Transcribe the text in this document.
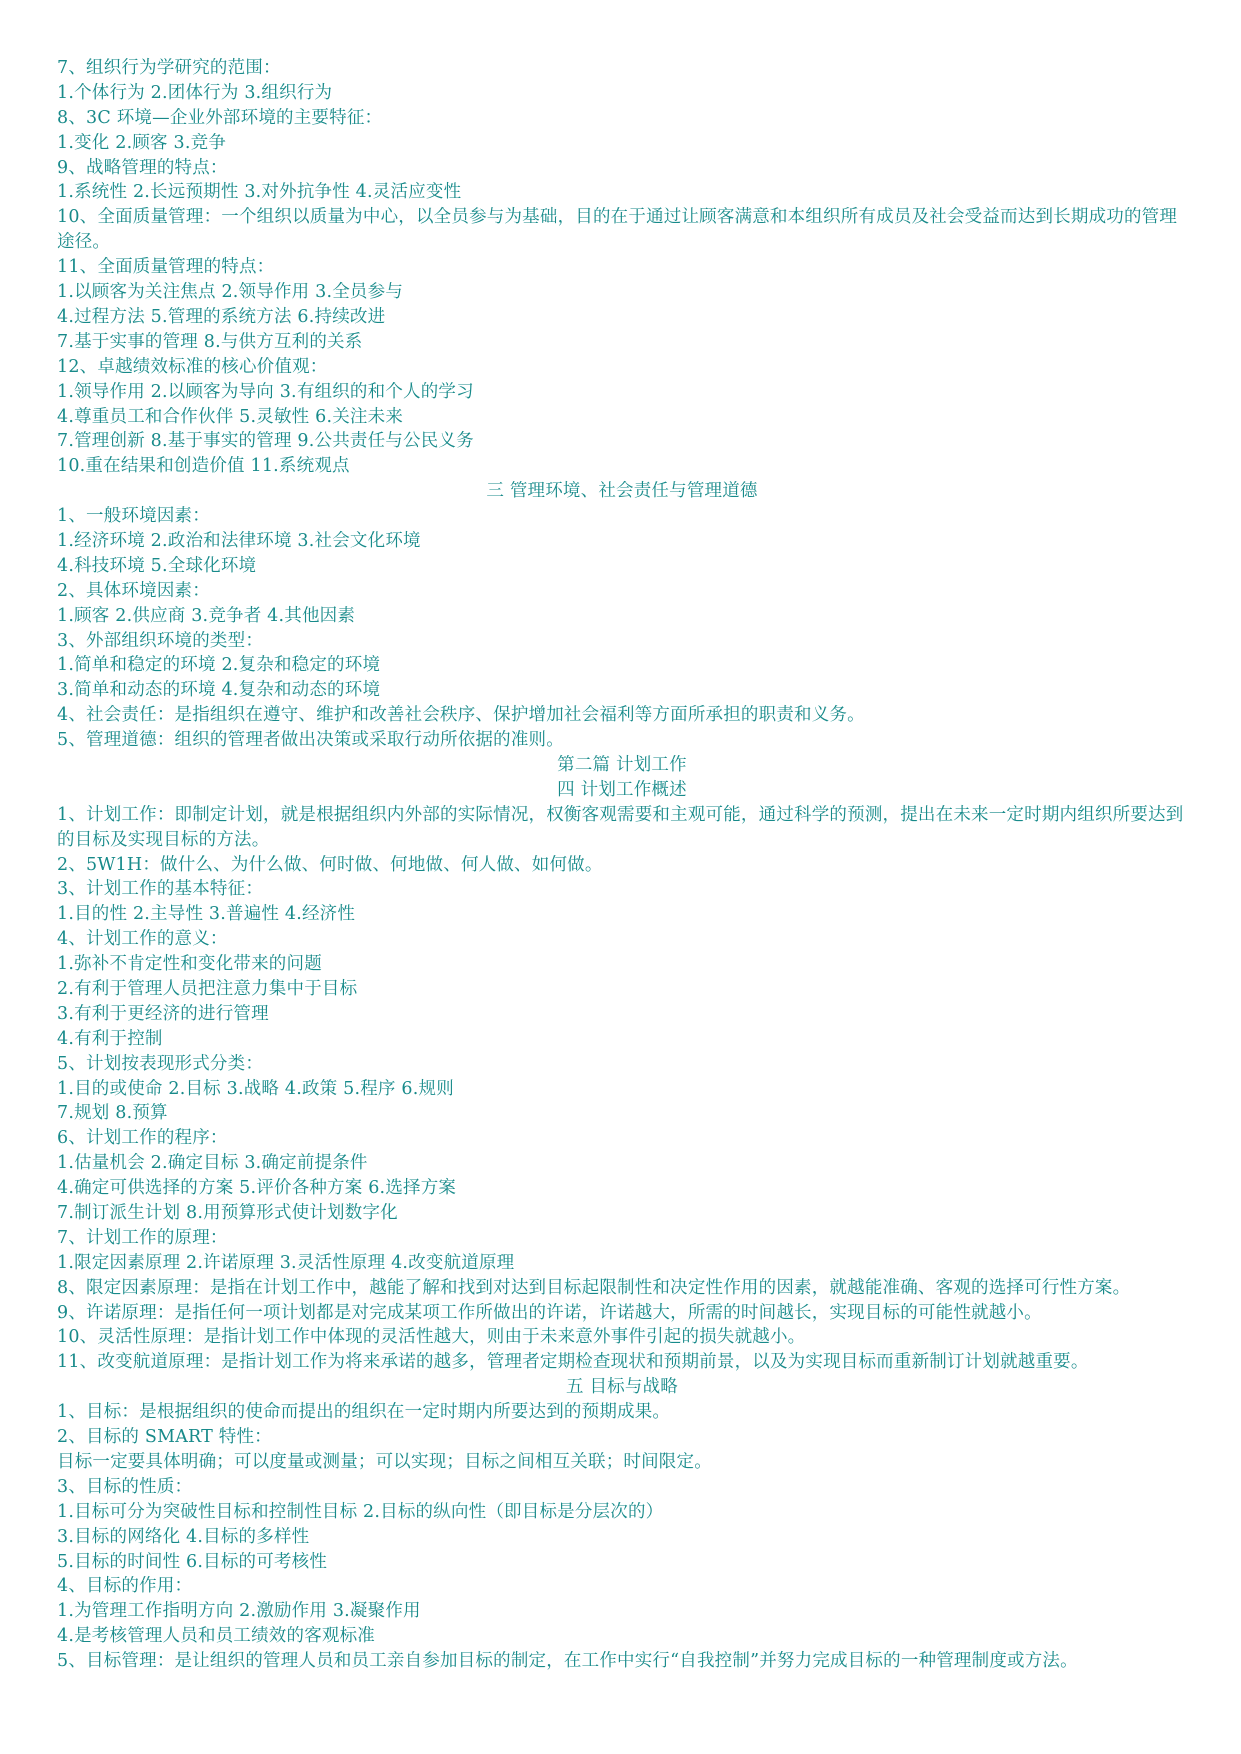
7、组织行为学研究的范围：
1.个体行为 2.团体行为 3.组织行为
8、3C 环境—企业外部环境的主要特征：
1.变化 2.顾客 3.竞争
9、战略管理的特点：
1.系统性 2.长远预期性 3.对外抗争性 4.灵活应变性
10、全面质量管理：一个组织以质量为中心，以全员参与为基础，目的在于通过让顾客满意和本组织所有成员及社会受益而达到长期成功的管理途径。
11、全面质量管理的特点：
1.以顾客为关注焦点 2.领导作用 3.全员参与
4.过程方法 5.管理的系统方法 6.持续改进
7.基于实事的管理 8.与供方互利的关系
12、卓越绩效标准的核心价值观：
1.领导作用 2.以顾客为导向 3.有组织的和个人的学习
4.尊重员工和合作伙伴 5.灵敏性 6.关注未来
7.管理创新 8.基于事实的管理 9.公共责任与公民义务
10.重在结果和创造价值 11.系统观点
三 管理环境、社会责任与管理道德
1、一般环境因素：
1.经济环境 2.政治和法律环境 3.社会文化环境
4.科技环境 5.全球化环境
2、具体环境因素：
1.顾客 2.供应商 3.竞争者 4.其他因素
3、外部组织环境的类型：
1.简单和稳定的环境 2.复杂和稳定的环境
3.简单和动态的环境 4.复杂和动态的环境
4、社会责任：是指组织在遵守、维护和改善社会秩序、保护增加社会福利等方面所承担的职责和义务。
5、管理道德：组织的管理者做出决策或采取行动所依据的准则。
第二篇 计划工作
四 计划工作概述
1、计划工作：即制定计划，就是根据组织内外部的实际情况，权衡客观需要和主观可能，通过科学的预测，提出在未来一定时期内组织所要达到的目标及实现目标的方法。
2、5W1H：做什么、为什么做、何时做、何地做、何人做、如何做。
3、计划工作的基本特征：
1.目的性 2.主导性 3.普遍性 4.经济性
4、计划工作的意义：
1.弥补不肯定性和变化带来的问题
2.有利于管理人员把注意力集中于目标
3.有利于更经济的进行管理
4.有利于控制
5、计划按表现形式分类：
1.目的或使命 2.目标 3.战略 4.政策 5.程序 6.规则
7.规划 8.预算
6、计划工作的程序：
1.估量机会 2.确定目标 3.确定前提条件
4.确定可供选择的方案 5.评价各种方案 6.选择方案
7.制订派生计划 8.用预算形式使计划数字化
7、计划工作的原理：
1.限定因素原理 2.许诺原理 3.灵活性原理 4.改变航道原理
8、限定因素原理：是指在计划工作中，越能了解和找到对达到目标起限制性和决定性作用的因素，就越能准确、客观的选择可行性方案。
9、许诺原理：是指任何一项计划都是对完成某项工作所做出的许诺，许诺越大，所需的时间越长，实现目标的可能性就越小。
10、灵活性原理：是指计划工作中体现的灵活性越大，则由于未来意外事件引起的损失就越小。
11、改变航道原理：是指计划工作为将来承诺的越多，管理者定期检查现状和预期前景，以及为实现目标而重新制订计划就越重要。
五 目标与战略
1、目标：是根据组织的使命而提出的组织在一定时期内所要达到的预期成果。
2、目标的 SMART 特性：
目标一定要具体明确；可以度量或测量；可以实现；目标之间相互关联；时间限定。
3、目标的性质：
1.目标可分为突破性目标和控制性目标 2.目标的纵向性（即目标是分层次的）
3.目标的网络化 4.目标的多样性
5.目标的时间性 6.目标的可考核性
4、目标的作用：
1.为管理工作指明方向 2.激励作用 3.凝聚作用
4.是考核管理人员和员工绩效的客观标准
5、目标管理：是让组织的管理人员和员工亲自参加目标的制定，在工作中实行“自我控制”并努力完成目标的一种管理制度或方法。
